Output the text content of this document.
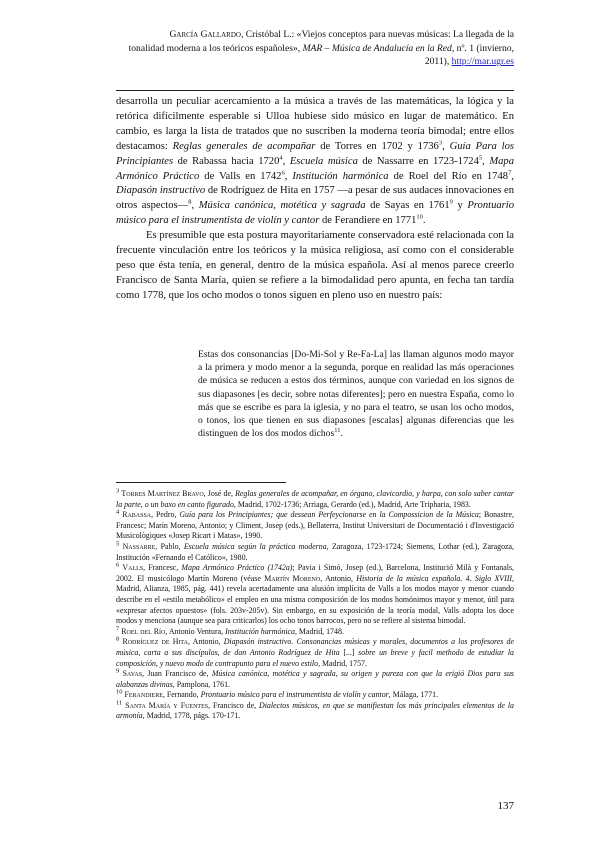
García Gallardo, Cristóbal L.: «Viejos conceptos para nuevas músicas: La llegada de la
tonalidad moderna a los teóricos españoles», MAR – Música de Andalucía en la Red, nº. 1 (invierno,
2011), http://mar.ugr.es

desarrolla un peculiar acercamiento a la música a través de las matemáticas, la lógica y la retórica difícilmente esperable si Ulloa hubiese sido músico en lugar de matemático. En cambio, es larga la lista de tratados que no suscriben la moderna teoría bimodal; entre ellos destacamos: Reglas generales de acompañar de Torres en 1702 y 1736$^3$, Guía Para los Principiantes de Rabassa hacia 1720$^4$, Escuela música de Nassarre en 1723-1724$^5$, Mapa Armónico Práctico de Valls en 1742$^6$, Institución harmónica de Roel del Río en 1748$^7$, Diapasón instructivo de Rodríguez de Hita en 1757 —a pesar de sus audaces innovaciones en otros aspectos—$^8$, Música canónica, motética y sagrada de Sayas en 1761$^9$ y Prontuario músico para el instrumentista de violín y cantor de Ferandiere en 1771$^{10}$.

Es presumible que esta postura mayoritariamente conservadora esté relacionada con la frecuente vinculación entre los teóricos y la música religiosa, así como con el considerable peso que ésta tenía, en general, dentro de la música española. Así al menos parece creerlo Francisco de Santa María, quien se refiere a la bimodalidad pero apunta, en fecha tan tardía como 1778, que los ocho modos o tonos siguen en pleno uso en nuestro país:

Estas dos consonancias [Do-Mi-Sol y Re-Fa-La] las llaman algunos modo mayor a la primera y modo menor a la segunda, porque en realidad las más operaciones de música se reducen a estos dos términos, aunque con variedad en los signos de sus diapasones [es decir, sobre notas diferentes]; pero en nuestra España, como lo más que se escribe es para la iglesia, y no para el teatro, se usan los ocho modos, o tonos, los que tienen en sus diapasones [escalas] algunas diferencias que les distinguen de los dos modos dichos$^{11}$.

$^3$ Torres Martínez Bravo, José de, Reglas generales de acompañar, en órgano, clavicordio, y harpa, con solo saber cantar la parte, o un baxo en canto figurado, Madrid, 1702-1736; Arriaga, Gerardo (ed.), Madrid, Arte Tripharia, 1983.

$^4$ Rabassa, Pedro, Guía para los Principiantes; que dessean Perfeycionarse en la Compossicion de la Música; Bonastre, Francesc; Marín Moreno, Antonio; y Climent, Josep (eds.), Bellaterra, Institut Universitari de Documentació i d'Investigació Musicològiques «Josep Ricart i Matas», 1990.

$^5$ Nassarre, Pablo, Escuela música según la práctica moderna, Zaragoza, 1723-1724; Siemens, Lothar (ed.), Zaragoza, Institución «Fernando el Católico», 1980.

$^6$ Valls, Francesc, Mapa Armónico Práctico (1742a); Pavia i Simó, Josep (ed.), Barcelona, Institució Milà y Fontanals, 2002. El musicólogo Martín Moreno (véase Martín Moreno, Antonio, Historia de la música española. 4. Siglo XVIII, Madrid, Alianza, 1985, pág. 441) revela acertadamente una alusión implícita de Valls a los modos mayor y menor cuando describe en el «estilo metabólico» el empleo en una misma composición de los modos homónimos mayor y menor, útil para «expresar afectos opuestos» (fols. 203v-205v). Sin embargo, en su exposición de la teoría modal, Valls adopta los doce modos y menciona (aunque sea para criticarlos) los ocho tonos barrocos, pero no se refiere al sistema bimodal.

$^7$ Roel del Río, Antonio Ventura, Institución harmónica, Madrid, 1748.

$^8$ Rodríguez de Hita, Antonio, Diapasón instructivo. Consonancias músicas y morales, documentos a los profesores de música, carta a sus discípulos, de don Antonio Rodríguez de Hita [...] sobre un breve y facil methodo de estudiar la composición, y nuevo modo de contrapunto para el nuevo estilo, Madrid, 1757.

$^9$ Sayas, Juan Francisco de, Música canónica, motética y sagrada, su origen y pureza con que la erigió Dios para sus alabanzas divinas, Pamplona, 1761.

$^{10}$ Ferandiere, Fernando, Prontuario músico para el instrumentista de violín y cantor, Málaga, 1771.

$^{11}$ Santa María y Fuentes, Francisco de, Dialectos músicos, en que se manifiestan los más principales elementos de la armonía, Madrid, 1778, págs. 170-171.

137
